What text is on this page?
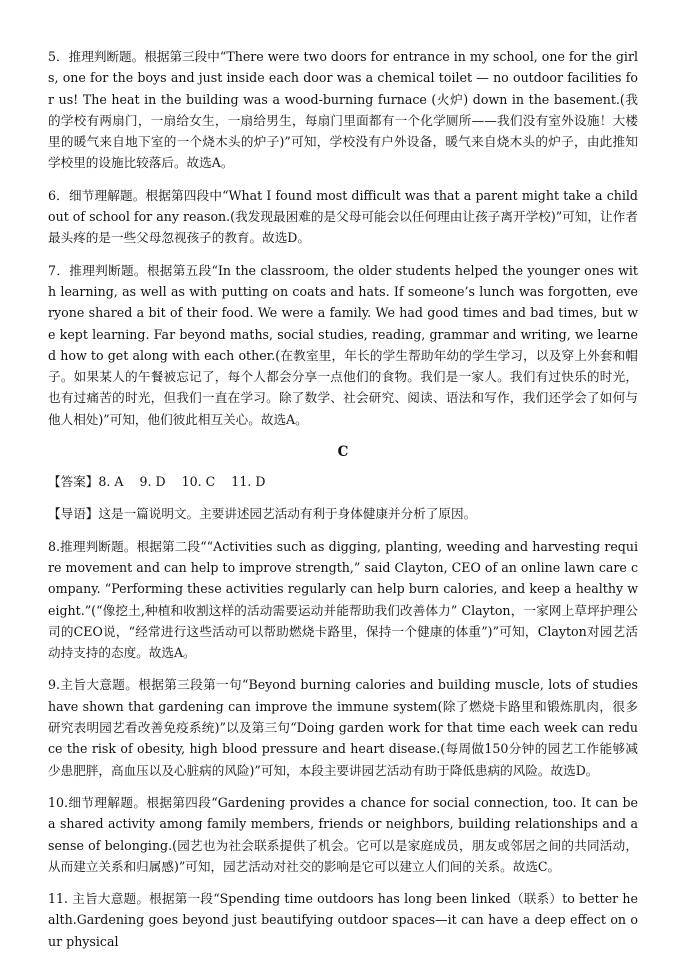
5．推理判断题。根据第三段中“There were two doors for entrance in my school, one for the girls, one for the boys and just inside each door was a chemical toilet — no outdoor facilities for us! The heat in the building was a wood-burning furnace (火炉) down in the basement.(我的学校有两扇门，一扇给女生，一扇给男生，每扇门里面都有一个化学厕所——我们没有室外设施！大楼里的暖气来自地下室的一个烧木头的炉子)”可知，学校没有户外设备，暖气来自烧木头的炉子，由此推知学校里的设施比较落后。故选A。

6．细节理解题。根据第四段中“What I found most difficult was that a parent might take a child out of school for any reason.(我发现最困难的是父母可能会以任何理由让孩子离开学校)”可知，让作者最头疼的是一些父母忽视孩子的教育。故选D。

7．推理判断题。根据第五段“In the classroom, the older students helped the younger ones with learning, as well as with putting on coats and hats. If someone’s lunch was forgotten, everyone shared a bit of their food. We were a family. We had good times and bad times, but we kept learning. Far beyond maths, social studies, reading, grammar and writing, we learned how to get along with each other.(在教室里，年长的学生帮助年幼的学生学习，以及穿上外套和帽子。如果某人的午餐被忘记了，每个人都会分享一点他们的食物。我们是一家人。我们有过快乐的时光，也有过痛苦的时光，但我们一直在学习。除了数学、社会研究、阅读、语法和写作，我们还学会了如何与他人相处)”可知，他们彼此相互关心。故选A。

C

【答案】8. A    9. D    10. C    11. D

【导语】这是一篇说明文。主要讲述园艺活动有利于身体健康并分析了原因。

8.推理判断题。根据第二段““Activities such as digging, planting, weeding and harvesting require movement and can help to improve strength,” said Clayton, CEO of an online lawn care company. “Performing these activities regularly can help burn calories, and keep a healthy weight.”(“像挖土,种植和收割这样的活动需要运动并能帮助我们改善体力” Clayton，一家网上草坪护理公司的CEO说，“经常进行这些活动可以帮助燃烧卡路里，保持一个健康的体重”)”可知，Clayton对园艺活动持支持的态度。故选A。

9.主旨大意题。根据第三段第一句“Beyond burning calories and building muscle, lots of studies have shown that gardening can improve the immune system(除了燃烧卡路里和锻炼肌肉，很多研究表明园艺看改善免疫系统)”以及第三句“Doing garden work for that time each week can reduce the risk of obesity, high blood pressure and heart disease.(每周做150分钟的园艺工作能够减少患肥胖，高血压以及心脏病的风险)”可知，本段主要讲园艺活动有助于降低患病的风险。故选D。

10.细节理解题。根据第四段“Gardening provides a chance for social connection, too. It can be a shared activity among family members, friends or neighbors, building relationships and a sense of belonging.(园艺也为社会联系提供了机会。它可以是家庭成员，朋友或邻居之间的共同活动，从而建立关系和归属感)”可知，园艺活动对社交的影响是它可以建立人们间的关系。故选C。

11. 主旨大意题。根据第一段“Spending time outdoors has long been linked（联系）to better health.Gardening goes beyond just beautifying outdoor spaces—it can have a deep effect on our physical
